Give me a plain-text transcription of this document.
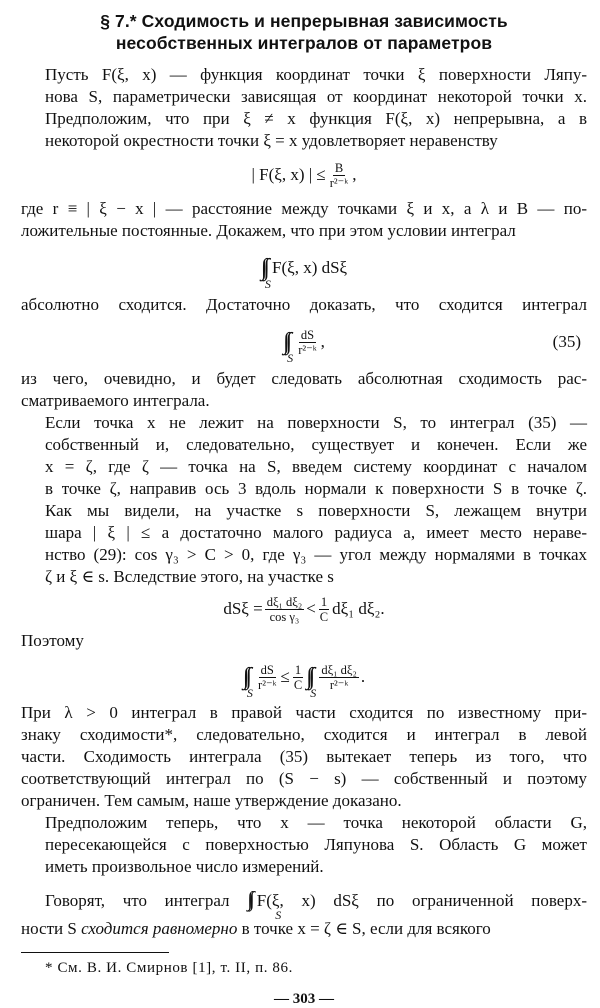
§ 7.* Сходимость и непрерывная зависимость
несобственных интегралов от параметров

Пусть F(ξ, x) — функция координат точки ξ поверхности Ляпу-
нова S, параметрически зависящая от координат некоторой точки x.
Предположим, что при ξ ≠ x функция F(ξ, x) непрерывна, а в
некоторой окрестности точки ξ = x удовлетворяет неравенству

| F(ξ, x) | ≤ $\frac{B}{\text{r²⁻ᵏ}}$ ,

где r ≡ | ξ − x | — расстояние между точками ξ и x, а λ и B — по-
ложительные постоянные. Докажем, что при этом условии интеграл

∫∫
S
F(ξ, x) dSξ

абсолютно сходится. Достаточно доказать, что сходится интеграл

∫∫
S
$\frac{dS}{\text{r²⁻ᵏ}}$ ,	(35)

из чего, очевидно, и будет следовать абсолютная сходимость рас-
сматриваемого интеграла.

Если точка x не лежит на поверхности S, то интеграл (35) —
собственный и, следовательно, существует и конечен. Если же
x = ζ, где ζ — точка на S, введем систему координат с началом
в точке ζ, направив ось 3 вдоль нормали к поверхности S в точке ζ.
Как мы видели, на участке s поверхности S, лежащем внутри
шара | ξ | ≤ a достаточно малого радиуса a, имеет место нераве-
нство (29): cos γ₃ > C > 0, где γ₃ — угол между нормалями в точках
ζ и ξ ∈ s. Вследствие этого, на участке s

$dS\xi = \frac{\text{dξ₁ dξ₂}}{\text{cos γ₃}} < \frac{1}{C} d\xi_1$ dξ₂.

Поэтому

∫∫
S
$\frac{dS}{\text{r²⁻ᵏ}} \le \frac{1}{C}$ ∫∫
S
$\frac{\text{dξ₁ dξ₂}}{\text{r²⁻ᵏ}}$ .

При λ > 0 интеграл в правой части сходится по известному при-
знаку сходимости*, следовательно, сходится и интеграл в левой
части. Сходимость интеграла (35) вытекает теперь из того, что
соответствующий интеграл по (S − s) — собственный и поэтому
ограничен. Тем самым, наше утверждение доказано.

Предположим теперь, что x — точка некоторой области G,
пересекающейся с поверхностью Ляпунова S. Область G может
иметь произвольное число измерений.

Говорят, что интеграл ∫∫
S
F(ξ, x) dSξ по ограниченной поверх-
ности S сходится равномерно в точке x = ζ ∈ S, если для всякого

* См. В. И. Смирнов [1], т. II, п. 86.
— 303 —
